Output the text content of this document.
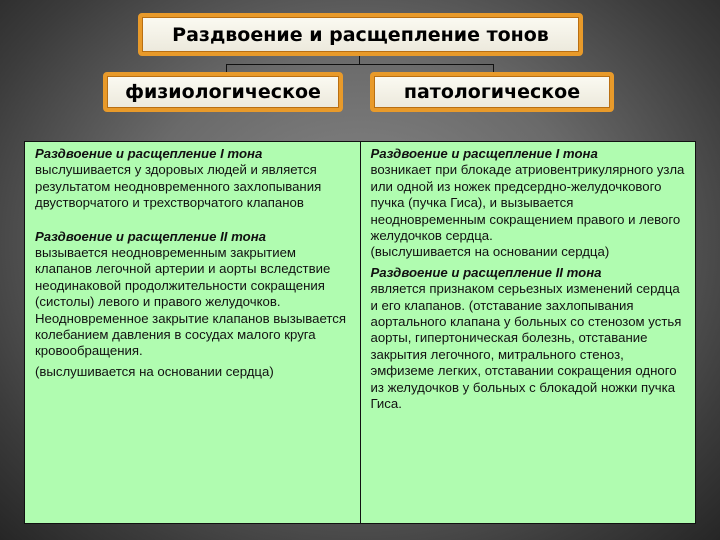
Раздвоение и расщепление тонов
физиологическое	патологическое

Раздвоение и расщепление I тона

выслушивается у здоровых людей и является результатом неодновременного захлопывания двустворчатого и трехстворчатого клапанов

Раздвоение и расщепление II тона

вызывается неодновременным закрытием клапанов легочной артерии и аорты вследствие неодинаковой продолжительности сокращения (систолы) левого и правого желудочков. Неодновременное закрытие клапанов вызывается колебанием давления в сосудах малого круга кровообращения.

(выслушивается на основании сердца)

Раздвоение и расщепление I тона

возникает при блокаде атриовентрикулярного узла или одной из ножек предсердно-желудочкового пучка (пучка Гиса), и вызывается неодновременным сокращением правого и левого желудочков сердца.

(выслушивается на основании сердца)

Раздвоение и расщепление II тона

является признаком серьезных изменений сердца и его клапанов. (отставание захлопывания аортального клапана у больных со стенозом устья аорты, гипертоническая болезнь, отставание закрытия легочного, митрального стеноз, эмфиземе легких, отставании сокращения одного из желудочков у больных с блокадой ножки пучка Гиса.
